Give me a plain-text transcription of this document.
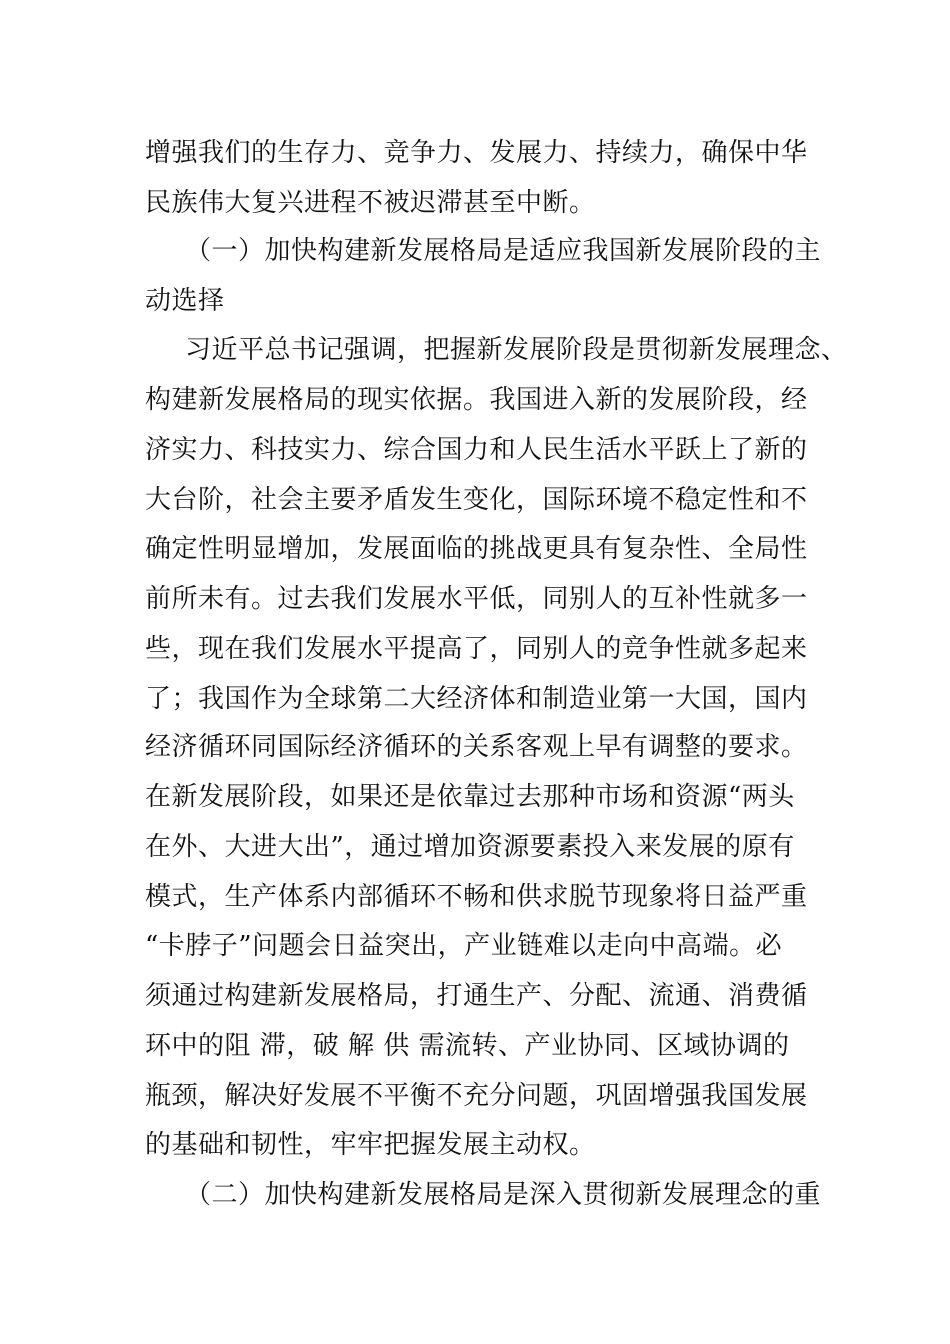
增强我们的生存力、竞争力、发展力、持续力，确保中华
民族伟大复兴进程不被迟滞甚至中断。
（一）加快构建新发展格局是适应我国新发展阶段的主
动选择
习近平总书记强调，把握新发展阶段是贯彻新发展理念、
构建新发展格局的现实依据。我国进入新的发展阶段，经
济实力、科技实力、综合国力和人民生活水平跃上了新的
大台阶，社会主要矛盾发生变化，国际环境不稳定性和不
确定性明显增加，发展面临的挑战更具有复杂性、全局性
前所未有。过去我们发展水平低，同别人的互补性就多一
些，现在我们发展水平提高了，同别人的竞争性就多起来
了；我国作为全球第二大经济体和制造业第一大国，国内
经济循环同国际经济循环的关系客观上早有调整的要求。
在新发展阶段，如果还是依靠过去那种市场和资源“两头
在外、大进大出”，通过增加资源要素投入来发展的原有
模式，生产体系内部循环不畅和供求脱节现象将日益严重
“卡脖子”问题会日益突出，产业链难以走向中高端。必
须通过构建新发展格局，打通生产、分配、流通、消费循
环中的阻 滞，破 解 供 需流转、产业协同、区域协调的
瓶颈，解决好发展不平衡不充分问题，巩固增强我国发展
的基础和韧性，牢牢把握发展主动权。
（二）加快构建新发展格局是深入贯彻新发展理念的重
